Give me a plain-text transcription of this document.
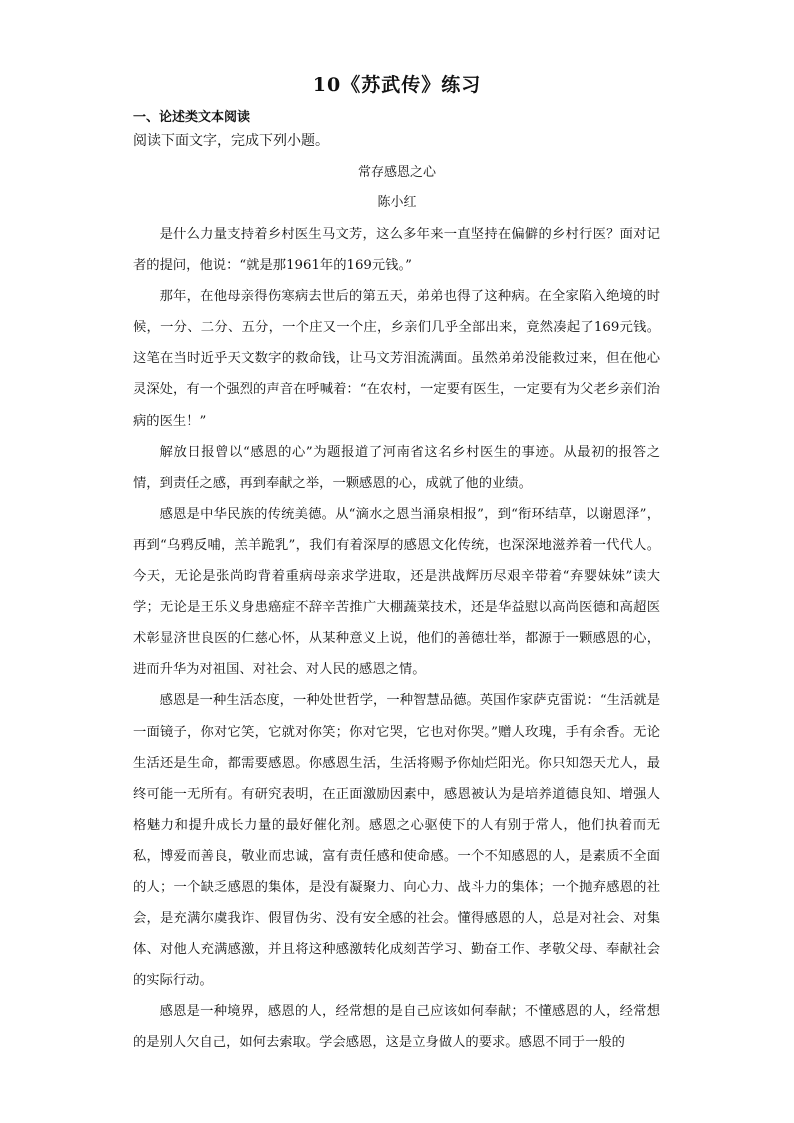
10《苏武传》练习
一、论述类文本阅读
阅读下面文字，完成下列小题。
常存感恩之心
陈小红

是什么力量支持着乡村医生马文芳，这么多年来一直坚持在偏僻的乡村行医？面对记者的提问，他说：“就是那1961年的169元钱。”

那年，在他母亲得伤寒病去世后的第五天，弟弟也得了这种病。在全家陷入绝境的时候，一分、二分、五分，一个庄又一个庄，乡亲们几乎全部出来，竟然凑起了169元钱。这笔在当时近乎天文数字的救命钱，让马文芳泪流满面。虽然弟弟没能救过来，但在他心灵深处，有一个强烈的声音在呼喊着：“在农村，一定要有医生，一定要有为父老乡亲们治病的医生！”

解放日报曾以“感恩的心”为题报道了河南省这名乡村医生的事迹。从最初的报答之情，到责任之感，再到奉献之举，一颗感恩的心，成就了他的业绩。

感恩是中华民族的传统美德。从“滴水之恩当涌泉相报”，到“衔环结草，以谢恩泽”，再到“乌鸦反哺，羔羊跪乳”，我们有着深厚的感恩文化传统，也深深地滋养着一代代人。今天，无论是张尚昀背着重病母亲求学进取，还是洪战辉历尽艰辛带着“弃婴妹妹”读大学；无论是王乐义身患癌症不辞辛苦推广大棚蔬菜技术，还是华益慰以高尚医德和高超医术彰显济世良医的仁慈心怀，从某种意义上说，他们的善德壮举，都源于一颗感恩的心，进而升华为对祖国、对社会、对人民的感恩之情。

感恩是一种生活态度，一种处世哲学，一种智慧品德。英国作家萨克雷说：“生活就是一面镜子，你对它笑，它就对你笑；你对它哭，它也对你哭。”赠人玫瑰，手有余香。无论生活还是生命，都需要感恩。你感恩生活，生活将赐予你灿烂阳光。你只知怨天尤人，最终可能一无所有。有研究表明，在正面激励因素中，感恩被认为是培养道德良知、增强人格魅力和提升成长力量的最好催化剂。感恩之心驱使下的人有别于常人，他们执着而无私，博爱而善良，敬业而忠诚，富有责任感和使命感。一个不知感恩的人，是素质不全面的人；一个缺乏感恩的集体，是没有凝聚力、向心力、战斗力的集体；一个抛弃感恩的社会，是充满尔虞我诈、假冒伪劣、没有安全感的社会。懂得感恩的人，总是对社会、对集体、对他人充满感激，并且将这种感激转化成刻苦学习、勤奋工作、孝敬父母、奉献社会的实际行动。

感恩是一种境界，感恩的人，经常想的是自己应该如何奉献；不懂感恩的人，经常想的是别人欠自己，如何去索取。学会感恩，这是立身做人的要求。感恩不同于一般的
